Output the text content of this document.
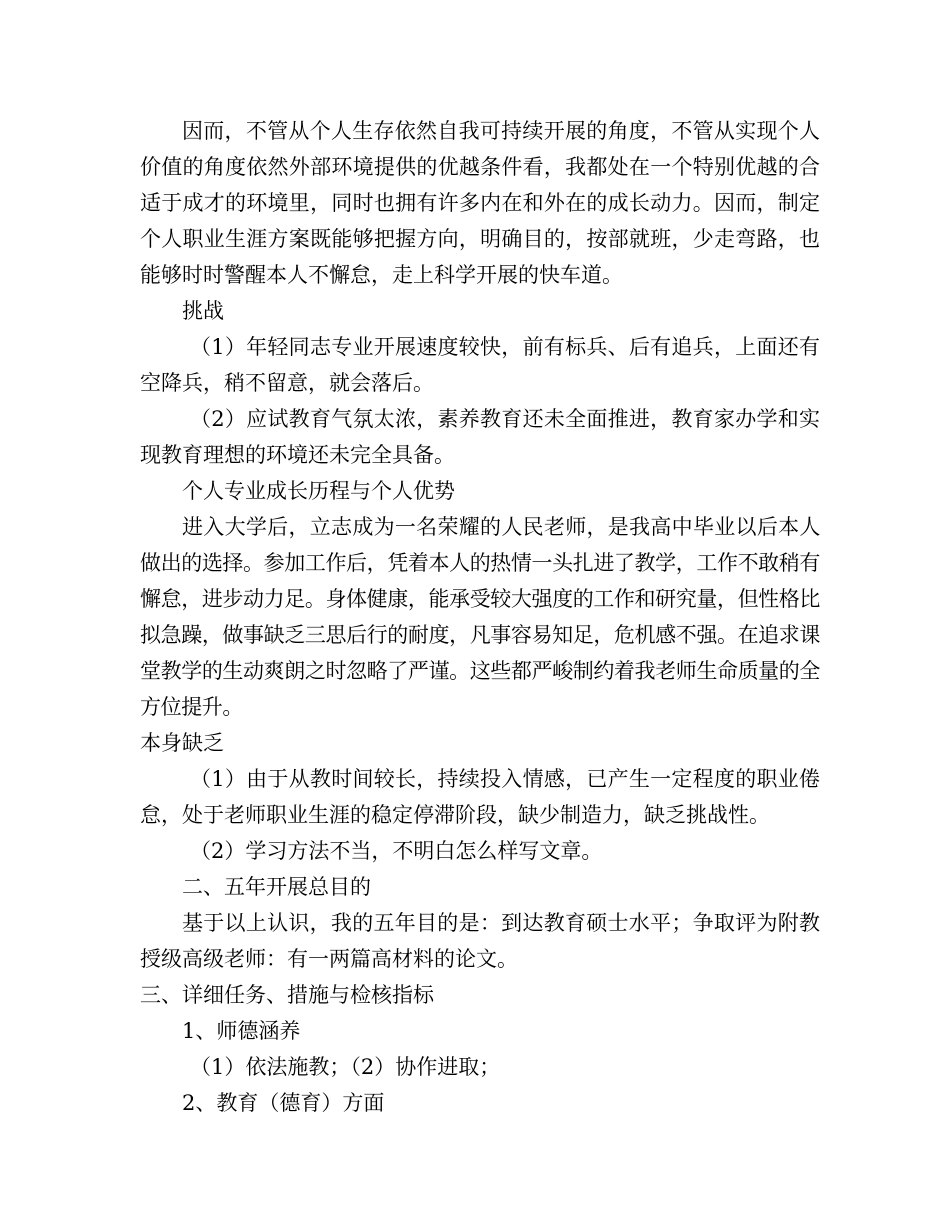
因而，不管从个人生存依然自我可持续开展的角度，不管从实现个人价值的角度依然外部环境提供的优越条件看，我都处在一个特别优越的合适于成才的环境里，同时也拥有许多内在和外在的成长动力。因而，制定个人职业生涯方案既能够把握方向，明确目的，按部就班，少走弯路，也能够时时警醒本人不懈怠，走上科学开展的快车道。

挑战

（1）年轻同志专业开展速度较快，前有标兵、后有追兵，上面还有空降兵，稍不留意，就会落后。

（2）应试教育气氛太浓，素养教育还未全面推进，教育家办学和实现教育理想的环境还未完全具备。

个人专业成长历程与个人优势

进入大学后，立志成为一名荣耀的人民老师，是我高中毕业以后本人做出的选择。参加工作后，凭着本人的热情一头扎进了教学，工作不敢稍有懈怠，进步动力足。身体健康，能承受较大强度的工作和研究量，但性格比拟急躁，做事缺乏三思后行的耐度，凡事容易知足，危机感不强。在追求课堂教学的生动爽朗之时忽略了严谨。这些都严峻制约着我老师生命质量的全方位提升。

本身缺乏

（1）由于从教时间较长，持续投入情感，已产生一定程度的职业倦怠，处于老师职业生涯的稳定停滞阶段，缺少制造力，缺乏挑战性。

（2）学习方法不当，不明白怎么样写文章。

二、五年开展总目的

基于以上认识，我的五年目的是：到达教育硕士水平；争取评为附教授级高级老师：有一两篇高材料的论文。

三、详细任务、措施与检核指标

1、师德涵养

（1）依法施教；（2）协作进取；

2、教育（德育）方面
